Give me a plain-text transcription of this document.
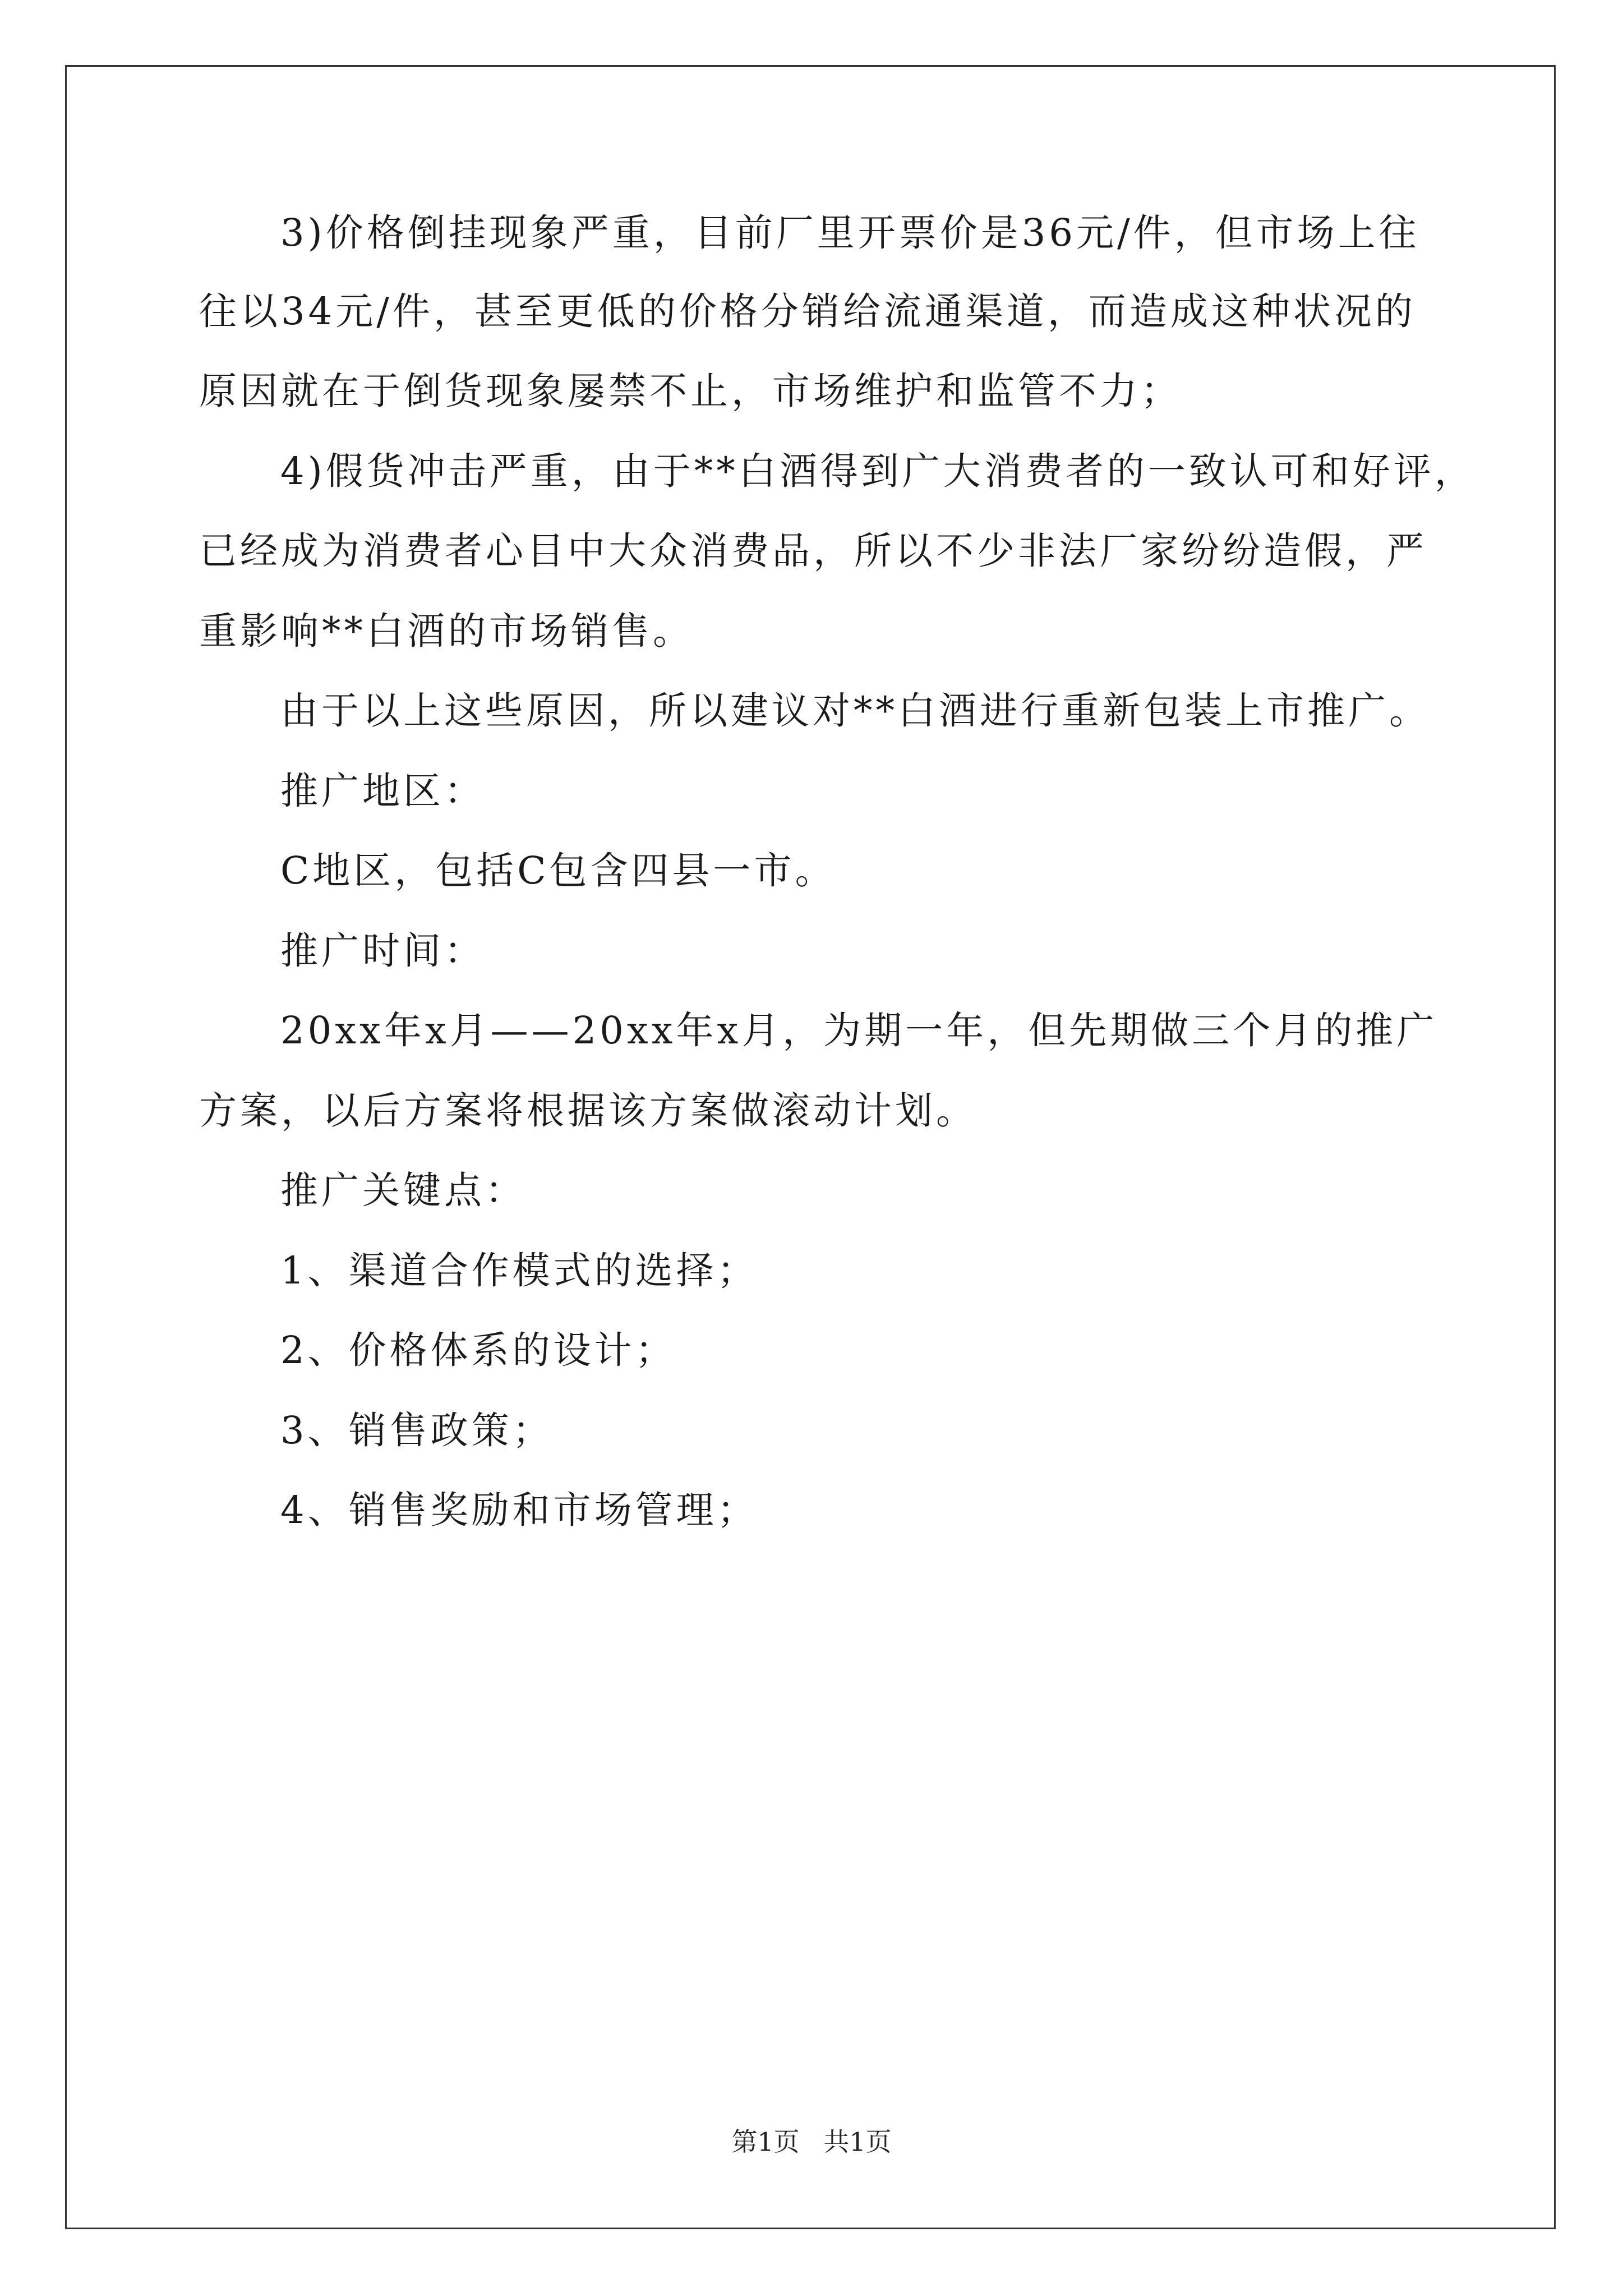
3)价格倒挂现象严重，目前厂里开票价是36元/件，但市场上往
往以34元/件，甚至更低的价格分销给流通渠道，而造成这种状况的
原因就在于倒货现象屡禁不止，市场维护和监管不力；
4)假货冲击严重，由于**白酒得到广大消费者的一致认可和好评，
已经成为消费者心目中大众消费品，所以不少非法厂家纷纷造假，严
重影响**白酒的市场销售。
由于以上这些原因，所以建议对**白酒进行重新包装上市推广。
推广地区：
C地区，包括C包含四县一市。
推广时间：
20xx年x月——20xx年x月，为期一年，但先期做三个月的推广
方案，以后方案将根据该方案做滚动计划。
推广关键点：
1、渠道合作模式的选择；
2、价格体系的设计；
3、销售政策；
4、销售奖励和市场管理；
第1页 共1页
